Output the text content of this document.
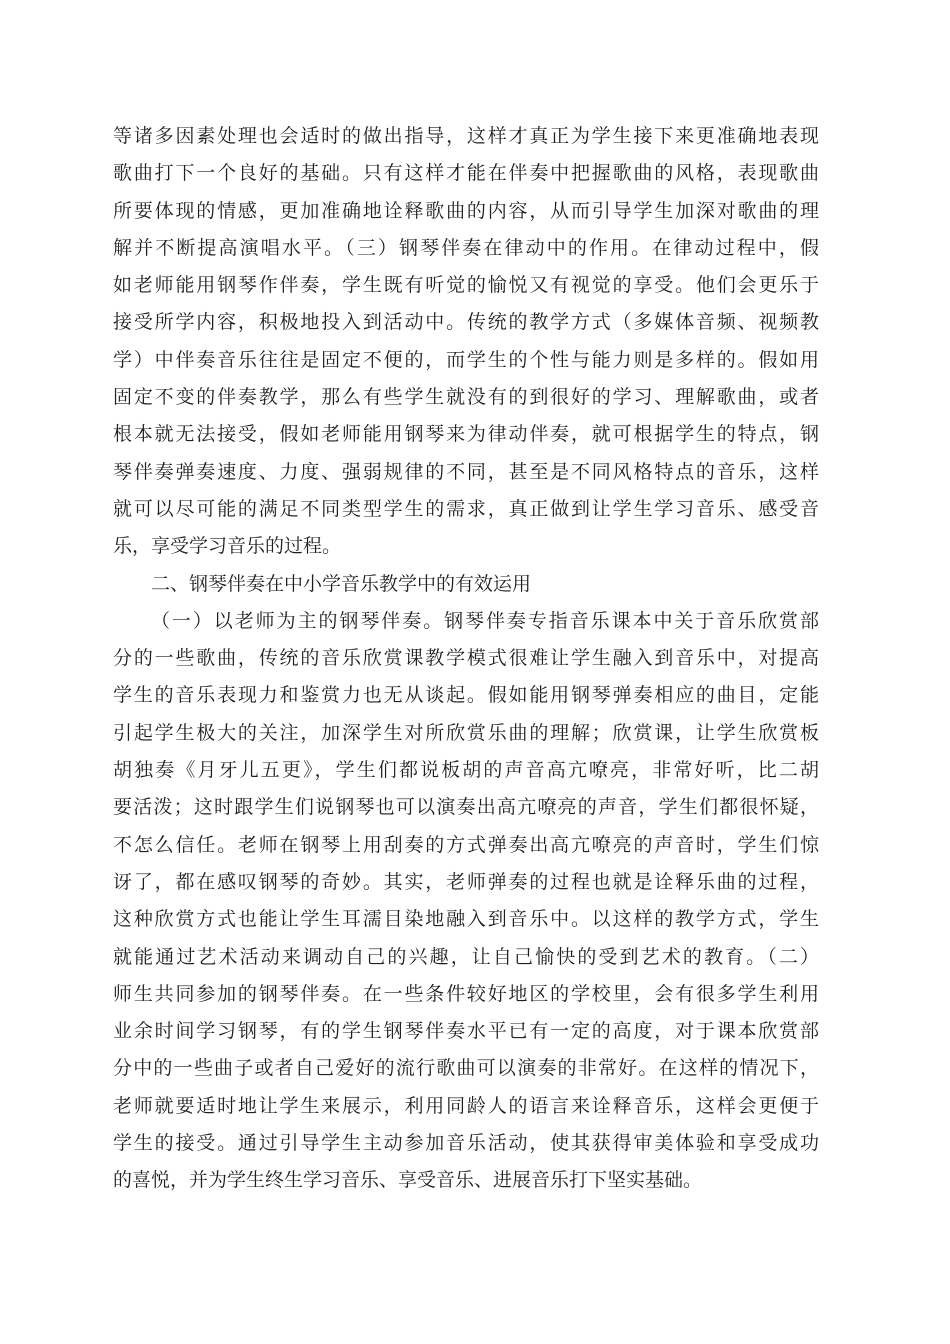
等诸多因素处理也会适时的做出指导，这样才真正为学生接下来更准确地表现
歌曲打下一个良好的基础。只有这样才能在伴奏中把握歌曲的风格，表现歌曲
所要体现的情感，更加准确地诠释歌曲的内容，从而引导学生加深对歌曲的理
解并不断提高演唱水平。（三）钢琴伴奏在律动中的作用。在律动过程中，假
如老师能用钢琴作伴奏，学生既有听觉的愉悦又有视觉的享受。他们会更乐于
接受所学内容，积极地投入到活动中。传统的教学方式（多媒体音频、视频教
学）中伴奏音乐往往是固定不便的，而学生的个性与能力则是多样的。假如用
固定不变的伴奏教学，那么有些学生就没有的到很好的学习、理解歌曲，或者
根本就无法接受，假如老师能用钢琴来为律动伴奏，就可根据学生的特点，钢
琴伴奏弹奏速度、力度、强弱规律的不同，甚至是不同风格特点的音乐，这样
就可以尽可能的满足不同类型学生的需求，真正做到让学生学习音乐、感受音
乐，享受学习音乐的过程。
二、钢琴伴奏在中小学音乐教学中的有效运用
（一）以老师为主的钢琴伴奏。钢琴伴奏专指音乐课本中关于音乐欣赏部
分的一些歌曲，传统的音乐欣赏课教学模式很难让学生融入到音乐中，对提高
学生的音乐表现力和鉴赏力也无从谈起。假如能用钢琴弹奏相应的曲目，定能
引起学生极大的关注，加深学生对所欣赏乐曲的理解；欣赏课，让学生欣赏板
胡独奏《月牙儿五更》，学生们都说板胡的声音高亢嘹亮，非常好听，比二胡
要活泼；这时跟学生们说钢琴也可以演奏出高亢嘹亮的声音，学生们都很怀疑，
不怎么信任。老师在钢琴上用刮奏的方式弹奏出高亢嘹亮的声音时，学生们惊
讶了，都在感叹钢琴的奇妙。其实，老师弹奏的过程也就是诠释乐曲的过程，
这种欣赏方式也能让学生耳濡目染地融入到音乐中。以这样的教学方式，学生
就能通过艺术活动来调动自己的兴趣，让自己愉快的受到艺术的教育。（二）
师生共同参加的钢琴伴奏。在一些条件较好地区的学校里，会有很多学生利用
业余时间学习钢琴，有的学生钢琴伴奏水平已有一定的高度，对于课本欣赏部
分中的一些曲子或者自己爱好的流行歌曲可以演奏的非常好。在这样的情况下，
老师就要适时地让学生来展示，利用同龄人的语言来诠释音乐，这样会更便于
学生的接受。通过引导学生主动参加音乐活动，使其获得审美体验和享受成功
的喜悦，并为学生终生学习音乐、享受音乐、进展音乐打下坚实基础。
